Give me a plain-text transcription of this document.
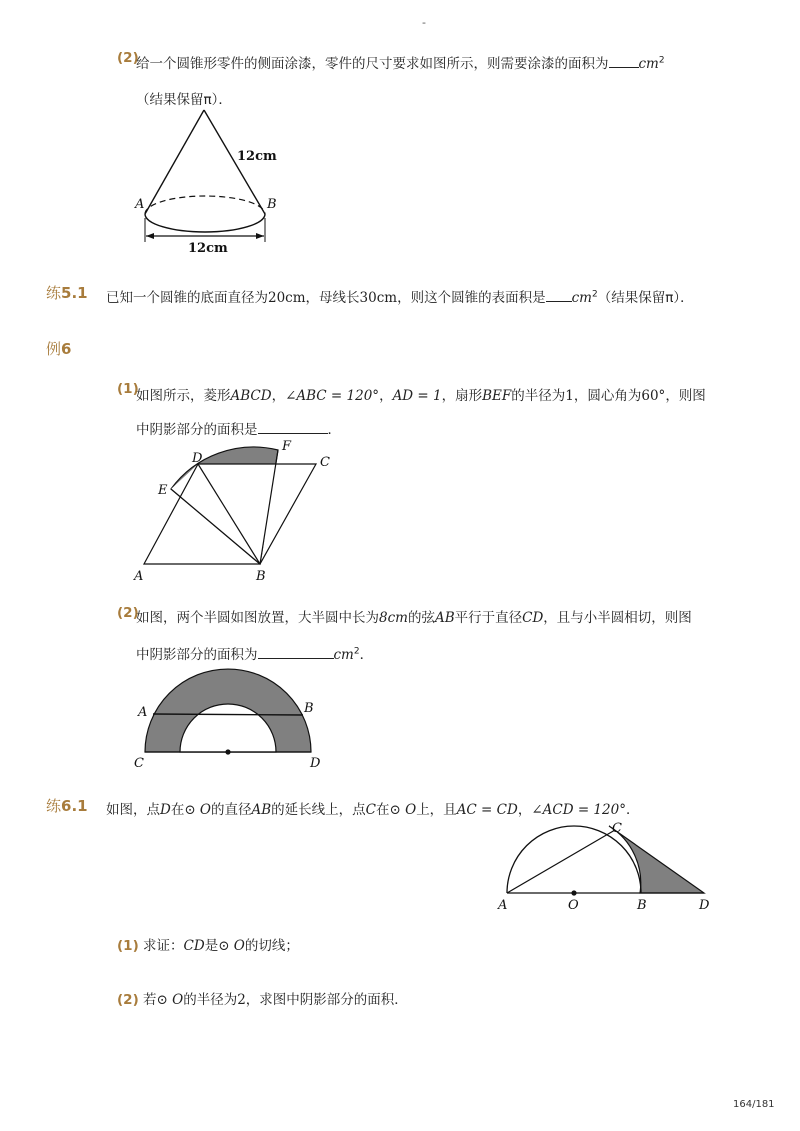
-
(2)
给一个圆锥形零件的侧面涂漆，零件的尺寸要求如图所示，则需要涂漆的面积为 $cm^2$
（结果保留π）．
A	B
12cm
12cm
练5.1 已知一个圆锥的底面直径为20cm，母线长30cm，则这个圆锥的表面积是 $cm^2$（结果保留π）．
例6
(1)
如图所示，菱形ABCD，∠ABC = 120°，AD = 1，扇形BEF的半径为1，圆心角为60°，则图
中阴影部分的面积是	．
A	B
C
D
E
F
(2)
如图，两个半圆如图放置，大半圆中长为8cm的弦AB平行于直径CD，且与小半圆相切，则图
中阴影部分的面积为	$cm^2$．
A	B
C	D
练6.1 如图，点D在⊙ O的直径AB的延长线上，点C在⊙ O上，且AC = CD，∠ACD = 120°．
A	O	B
C
D
(1) 求证：CD是⊙ O的切线；
(2) 若⊙ O的半径为2，求图中阴影部分的面积．
164/181
